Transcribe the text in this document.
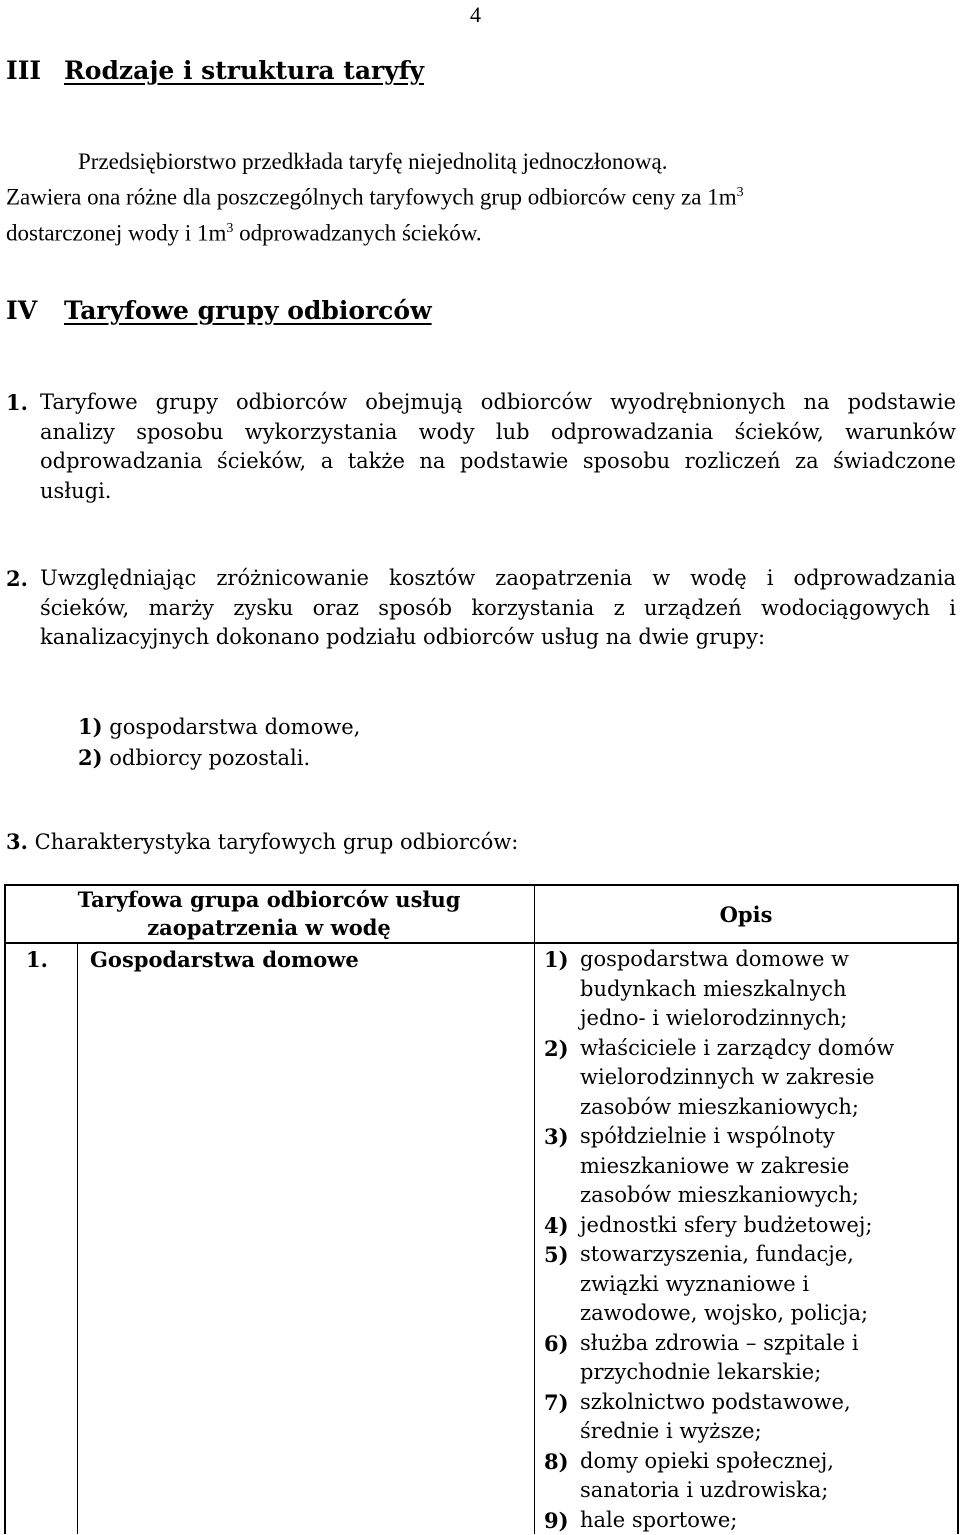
4
III Rodzaje i struktura taryfy
Przedsiębiorstwo przedkłada taryfę niejednolitą jednoczłonową.
Zawiera ona różne dla poszczególnych taryfowych grup odbiorców ceny za $1m^3$
dostarczonej wody i $1m^3$ odprowadzanych ścieków.
IV Taryfowe grupy odbiorców
1. Taryfowe grupy odbiorców obejmują odbiorców wyodrębnionych na podstawie analizy sposobu wykorzystania wody lub odprowadzania ścieków, warunków odprowadzania ścieków, a także na podstawie sposobu rozliczeń za świadczone usługi.
2. Uwzględniając zróżnicowanie kosztów zaopatrzenia w wodę i odprowadzania ścieków, marży zysku oraz sposób korzystania z urządzeń wodociągowych i kanalizacyjnych dokonano podziału odbiorców usług na dwie grupy:
1) gospodarstwa domowe,
2) odbiorcy pozostali.
3. Charakterystyka taryfowych grup odbiorców:
Taryfowa grupa odbiorców usług
zaopatrzenia w wodę
Opis
1. Gospodarstwa domowe	1) gospodarstwa domowe w budynkach mieszkalnych jedno- i wielorodzinnych;
2) właściciele i zarządcy domów wielorodzinnych w zakresie zasobów mieszkaniowych;
3) spółdzielnie i wspólnoty mieszkaniowe w zakresie zasobów mieszkaniowych;
4) jednostki sfery budżetowej;
5) stowarzyszenia, fundacje, związki wyznaniowe i zawodowe, wojsko, policja;
6) służba zdrowia – szpitale i przychodnie lekarskie;
7) szkolnictwo podstawowe, średnie i wyższe;
8) domy opieki społecznej, sanatoria i uzdrowiska;
9) hale sportowe;
